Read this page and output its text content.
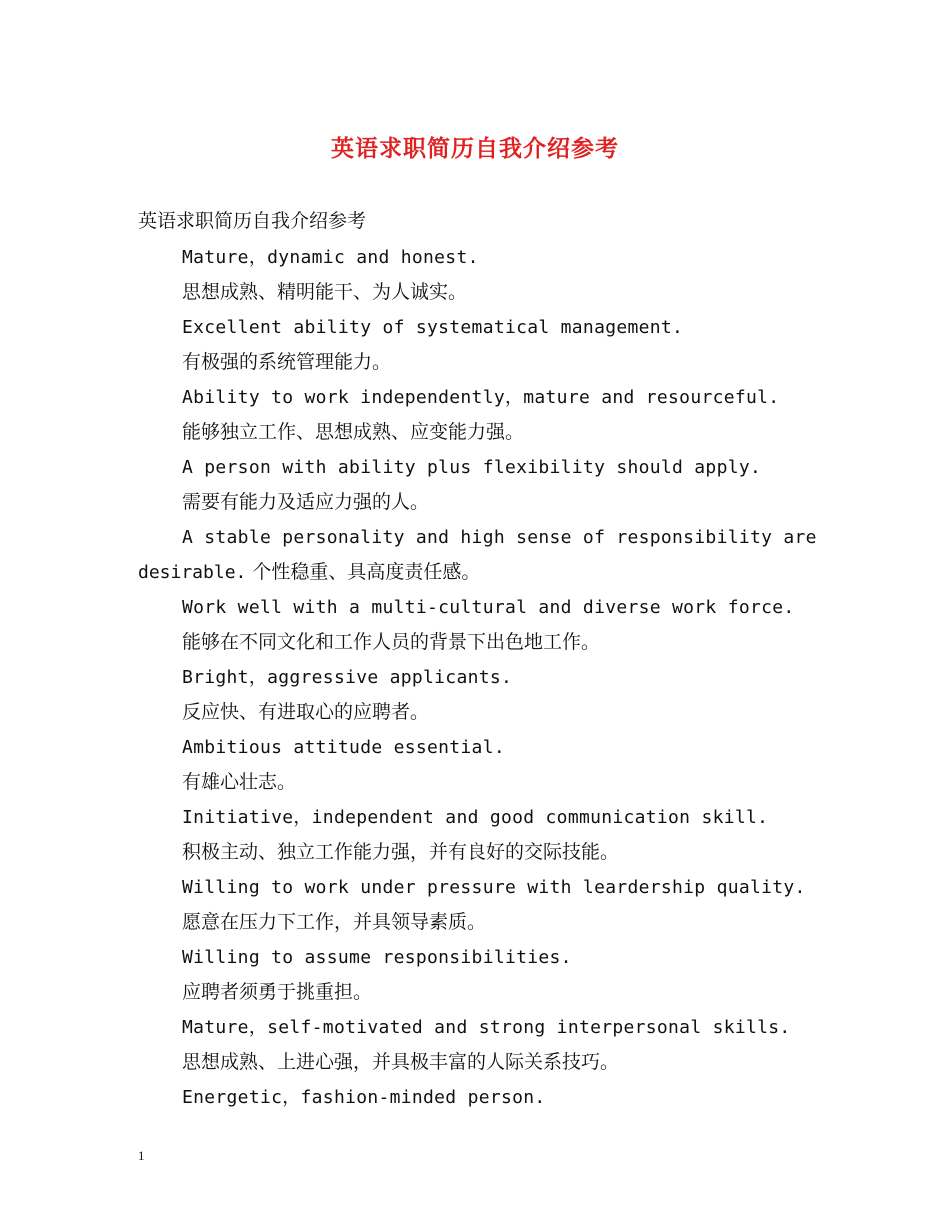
英语求职简历自我介绍参考
英语求职简历自我介绍参考
Mature，dynamic and honest.
思想成熟、精明能干、为人诚实。
Excellent ability of systematical management.
有极强的系统管理能力。
Ability to work independently，mature and resourceful.
能够独立工作、思想成熟、应变能力强。
A person with ability plus flexibility should apply.
需要有能力及适应力强的人。
A stable personality and high sense of responsibility are
desirable. 个性稳重、具高度责任感。
Work well with a multi-cultural and diverse work force.
能够在不同文化和工作人员的背景下出色地工作。
Bright，aggressive applicants.
反应快、有进取心的应聘者。
Ambitious attitude essential.
有雄心壮志。
Initiative，independent and good communication skill.
积极主动、独立工作能力强，并有良好的交际技能。
Willing to work under pressure with leardership quality.
愿意在压力下工作，并具领导素质。
Willing to assume responsibilities.
应聘者须勇于挑重担。
Mature，self-motivated and strong interpersonal skills.
思想成熟、上进心强，并具极丰富的人际关系技巧。
Energetic，fashion-minded person.
1
